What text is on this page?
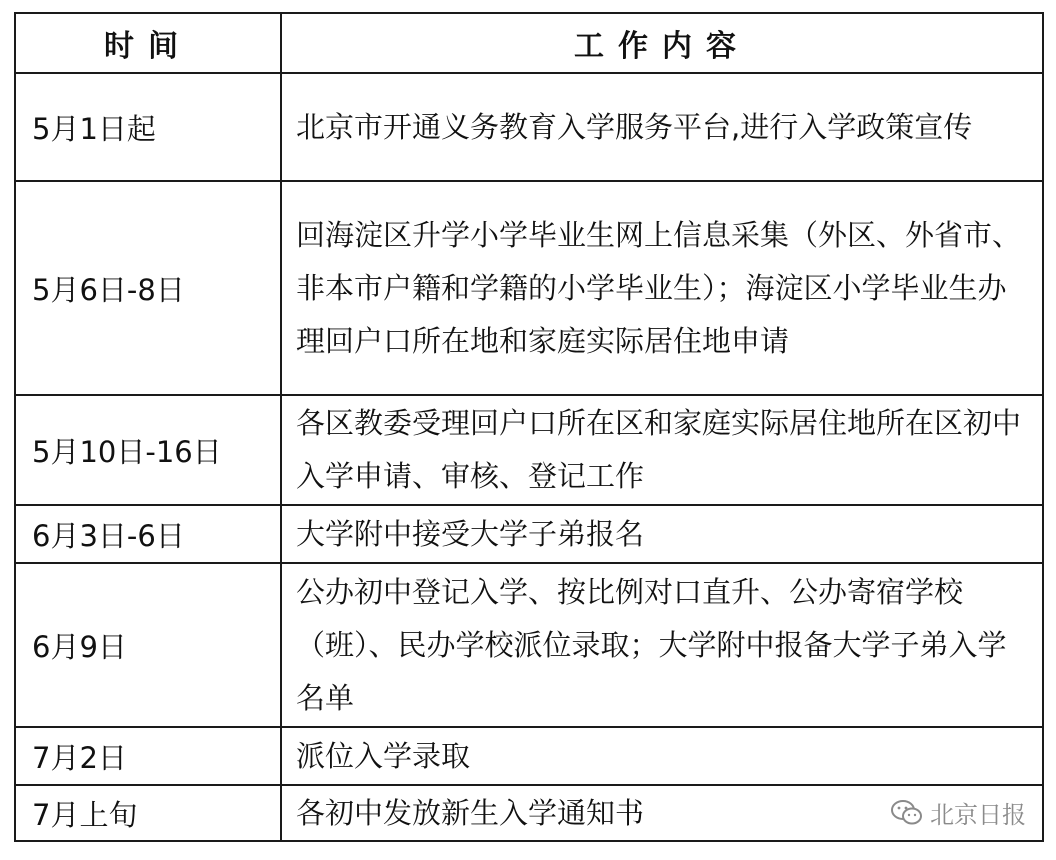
时间	工作内容
5月1日起	北京市开通义务教育入学服务平台,进行入学政策宣传
5月6日-8日	回海淀区升学小学毕业生网上信息采集（外区、外省市、非本市户籍和学籍的小学毕业生）；海淀区小学毕业生办理回户口所在地和家庭实际居住地申请
5月10日-16日	各区教委受理回户口所在区和家庭实际居住地所在区初中入学申请、审核、登记工作
6月3日-6日	大学附中接受大学子弟报名
6月9日	公办初中登记入学、按比例对口直升、公办寄宿学校（班）、民办学校派位录取；大学附中报备大学子弟入学名单
7月2日	派位入学录取
7月上旬	各初中发放新生入学通知书	北京日报
